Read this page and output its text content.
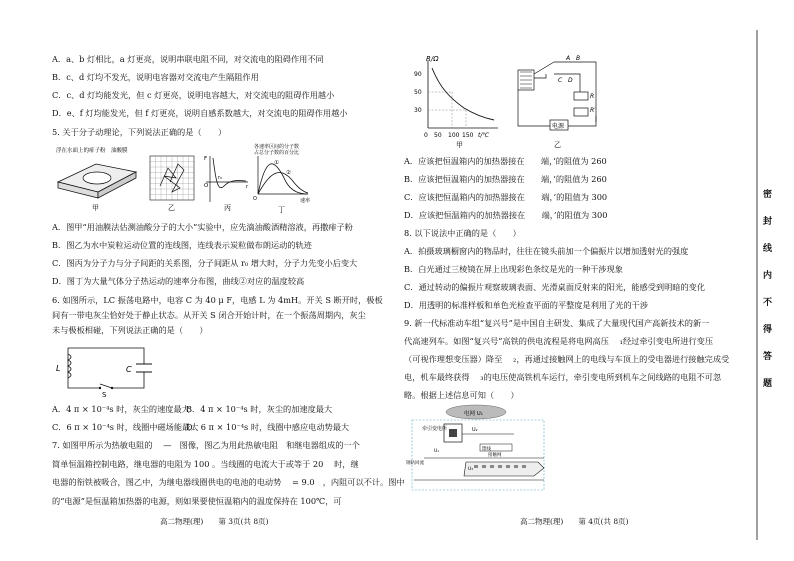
A．a、b 灯相比，a 灯更亮，说明串联电阻不同，对交流电的阻碍作用不同
B．c、d 灯均不发光，说明电容器对交流电产生隔阻作用
C．c、d 灯均能发光，但 c 灯更亮，说明电容越大，对交流电的阻碍作用越小
D．e、f 灯均能发光，但 f 灯更亮，说明自感系数越大，对交流电的阻碍作用越小
5. 关于分子动理论，下列说法正确的是（　　）
浮在水面上的痱子粉　油酸膜
甲	乙
F
O
r₀
r
丙
各速率区间的分子数
占总分子数的百分比
①
②
O	速率
丁
A．图甲“用油膜法估测油酸分子的大小”实验中，应先滴油酸酒精溶液，再撒痱子粉
B．图乙为水中炭粒运动位置的连线图，连线表示炭粒做布朗运动的轨迹
C．图丙为分子力与分子间距的关系图，分子间距从 r₀ 增大时，分子力先变小后变大
D．图丁为大量气体分子热运动的速率分布图，曲线②对应的温度较高
6. 如图所示，LC 振荡电路中，电容 C 为 40 μ F，电感 L 为 4mH。开关 S 断开时，极板
间有一带电灰尘恰好处于静止状态。从开关 S 闭合开始计时，在一个振荡周期内，灰尘
未与极板相碰，下列说法正确的是（　　）
L	C
S
A．4 π × 10⁻⁴s 时，灰尘的速度最大
B．4 π × 10⁻⁴s 时，灰尘的加速度最大
C．6 π × 10⁻⁴s 时，线圈中磁场能最大
D．6 π × 10⁻⁴s 时，线圈中感应电动势最大
7. 如图甲所示为热敏电阻的　 —　图像，图乙为用此热敏电阻　和继电器组成的一个
简单恒温箱控制电路，继电器的电阻为 100 。当线圈的电流大于或等于 20　 时，继
电器的衔铁被吸合，图乙中，为继电器线圈供电的电池的电动势　 = 9.0　，内阻可以不计。图中
的“电源”是恒温箱加热器的电源，则如果要使恒温箱内的温度保持在 100℃，可
高二物理(理)　　第 3页(共 8页)
R/Ω
90
50
30
0 50 100 150 t/℃
甲
电源
A B
C D
R
R′
乙
A．应该把恒温箱内的加热器接在　　端，’的阻值为 260
B．应该把恒温箱内的加热器接在　　端，’的阻值为 260
C．应该把恒温箱内的加热器接在　　端，’的阻值为 300
D．应该把恒温箱内的加热器接在　　端，’的阻值为 300
8. 以下说法中正确的是（　　）
A．拍摄玻璃橱窗内的物品时，往往在镜头前加一个偏振片以增加透射光的强度
B．白光通过三棱镜在屏上出现彩色条纹是光的一种干涉现象
C．通过转动的偏振片观察玻璃表面、光滑桌面反射来的阳光，能感受到明暗的变化
D．用透明的标准样板和单色光检查平面的平整度是利用了光的干涉
9. 新一代标准动车组“复兴号”是中国自主研发、集成了大量现代国产高新技术的新一
代高速列车。如图“复兴号”高铁的供电流程是将电网高压　 ₁经过牵引变电所进行变压
（可视作理想变压器）降至　 ₂，再通过接触网上的电线与车顶上的受电器进行接触完成受
电，机车最终获得　 ₃的电压使高铁机车运行，牵引变电所到机车之间线路的电阻不可忽
略。根据上述信息可知（　　）
电网 U₁
牵引变电所	U₂
馈线
接触网
U₃
钢轨回流
U₁
高二物理(理)　　第 4页(共 8页)
密
封
线
内
不
得
答
题
